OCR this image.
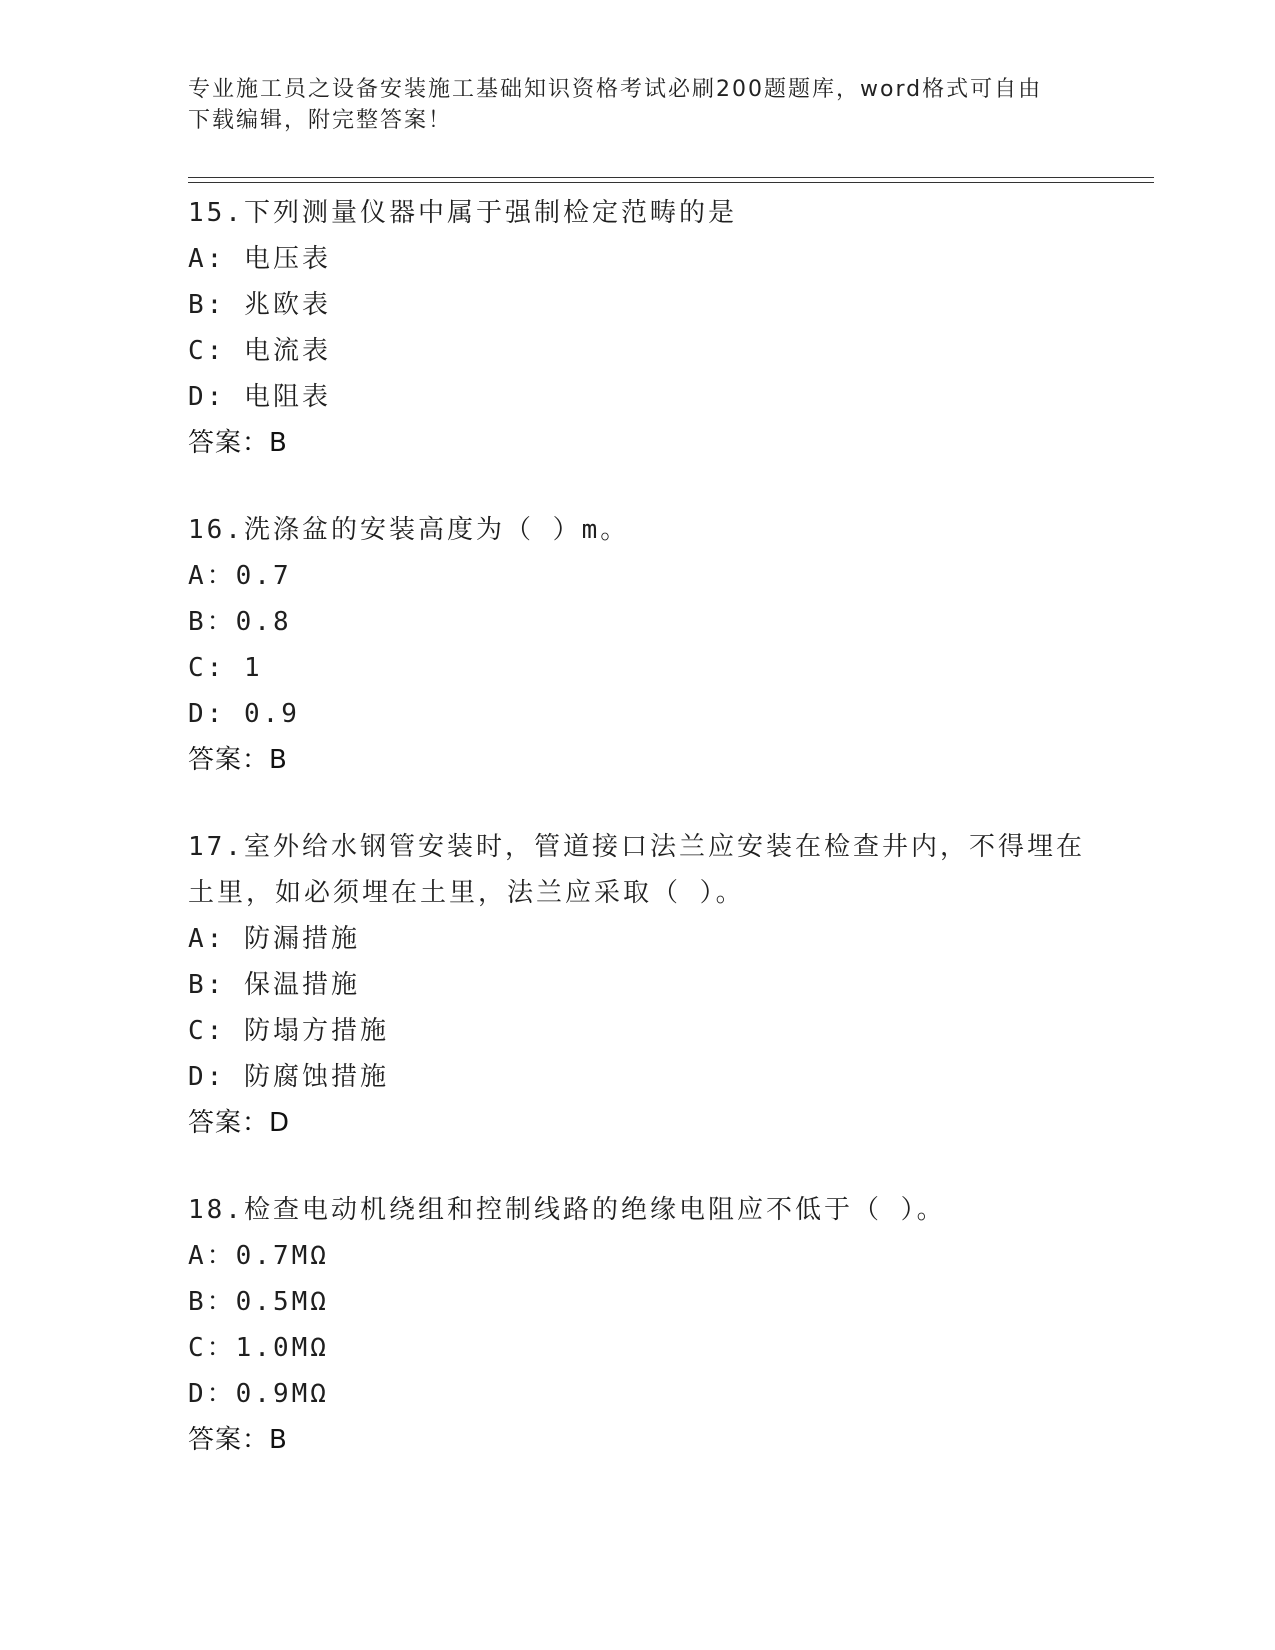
专业施工员之设备安装施工基础知识资格考试必刷200题题库，word格式可自由
下载编辑，附完整答案！
15.下列测量仪器中属于强制检定范畴的是
A: 电压表
B: 兆欧表
C: 电流表
D: 电阻表
答案：B
16.洗涤盆的安装高度为（ ）m。
A：0.7
B：0.8
C: 1
D: 0.9
答案：B
17.室外给水钢管安装时，管道接口法兰应安装在检查井内，不得埋在
土里，如必须埋在土里，法兰应采取（ ）。
A: 防漏措施
B: 保温措施
C: 防塌方措施
D: 防腐蚀措施
答案：D
18.检查电动机绕组和控制线路的绝缘电阻应不低于（ ）。
A：0.7MΩ
B：0.5MΩ
C：1.0MΩ
D：0.9MΩ
答案：B
